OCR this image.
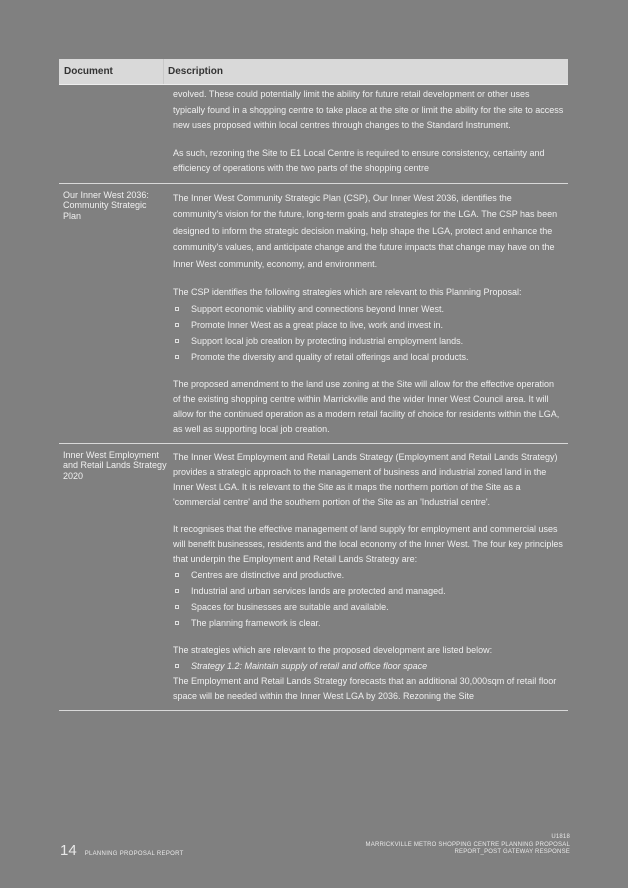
Document	Description

evolved. These could potentially limit the ability for future retail development or other uses typically found in a shopping centre to take place at the site or limit the ability for the site to access new uses proposed within local centres through changes to the Standard Instrument.

As such, rezoning the Site to E1 Local Centre is required to ensure consistency, certainty and efficiency of operations with the two parts of the shopping centre

Our Inner West 2036: Community Strategic Plan

The Inner West Community Strategic Plan (CSP), Our Inner West 2036, identifies the community's vision for the future, long-term goals and strategies for the LGA. The CSP has been designed to inform the strategic decision making, help shape the LGA, protect and enhance the community's values, and anticipate change and the future impacts that change may have on the Inner West community, economy, and environment.

The CSP identifies the following strategies which are relevant to this Planning Proposal:

Support economic viability and connections beyond Inner West.
Promote Inner West as a great place to live, work and invest in.
Support local job creation by protecting industrial employment lands.
Promote the diversity and quality of retail offerings and local products.

The proposed amendment to the land use zoning at the Site will allow for the effective operation of the existing shopping centre within Marrickville and the wider Inner West Council area. It will allow for the continued operation as a modern retail facility of choice for residents within the LGA, as well as supporting local job creation.

Inner West Employment and Retail Lands Strategy 2020

The Inner West Employment and Retail Lands Strategy (Employment and Retail Lands Strategy) provides a strategic approach to the management of business and industrial zoned land in the Inner West LGA. It is relevant to the Site as it maps the northern portion of the Site as a 'commercial centre' and the southern portion of the Site as an 'Industrial centre'.

It recognises that the effective management of land supply for employment and commercial uses will benefit businesses, residents and the local economy of the Inner West. The four key principles that underpin the Employment and Retail Lands Strategy are:

Centres are distinctive and productive.
Industrial and urban services lands are protected and managed.
Spaces for businesses are suitable and available.
The planning framework is clear.

The strategies which are relevant to the proposed development are listed below:

Strategy 1.2: Maintain supply of retail and office floor space

The Employment and Retail Lands Strategy forecasts that an additional 30,000sqm of retail floor space will be needed within the Inner West LGA by 2036. Rezoning the Site

14 PLANNING PROPOSAL REPORT
U1818
MARRICKVILLE METRO SHOPPING CENTRE PLANNING PROPOSAL
REPORT_POST GATEWAY RESPONSE
